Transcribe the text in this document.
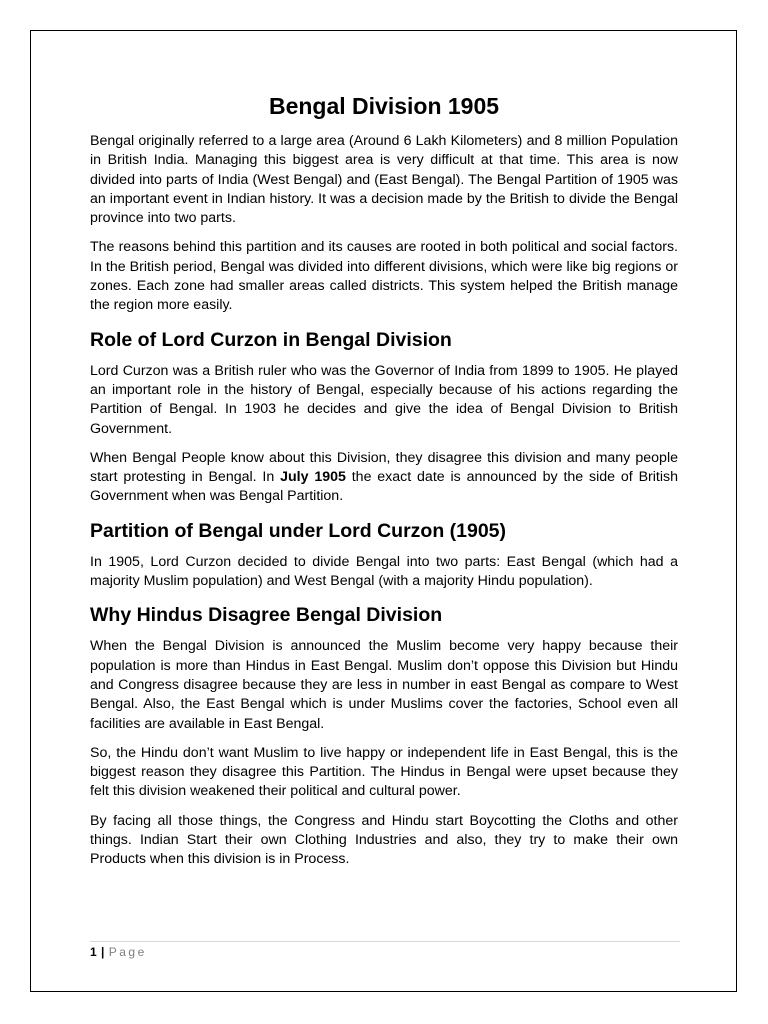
Bengal Division 1905

Bengal originally referred to a large area (Around 6 Lakh Kilometers) and 8 million Population in British India. Managing this biggest area is very difficult at that time. This area is now divided into parts of India (West Bengal) and (East Bengal). The Bengal Partition of 1905 was an important event in Indian history. It was a decision made by the British to divide the Bengal province into two parts.

The reasons behind this partition and its causes are rooted in both political and social factors. In the British period, Bengal was divided into different divisions, which were like big regions or zones. Each zone had smaller areas called districts. This system helped the British manage the region more easily.

Role of Lord Curzon in Bengal Division

Lord Curzon was a British ruler who was the Governor of India from 1899 to 1905. He played an important role in the history of Bengal, especially because of his actions regarding the Partition of Bengal. In 1903 he decides and give the idea of Bengal Division to British Government.

When Bengal People know about this Division, they disagree this division and many people start protesting in Bengal. In July 1905 the exact date is announced by the side of British Government when was Bengal Partition.

Partition of Bengal under Lord Curzon (1905)

In 1905, Lord Curzon decided to divide Bengal into two parts: East Bengal (which had a majority Muslim population) and West Bengal (with a majority Hindu population).

Why Hindus Disagree Bengal Division

When the Bengal Division is announced the Muslim become very happy because their population is more than Hindus in East Bengal. Muslim don’t oppose this Division but Hindu and Congress disagree because they are less in number in east Bengal as compare to West Bengal. Also, the East Bengal which is under Muslims cover the factories, School even all facilities are available in East Bengal.

So, the Hindu don’t want Muslim to live happy or independent life in East Bengal, this is the biggest reason they disagree this Partition. The Hindus in Bengal were upset because they felt this division weakened their political and cultural power.

By facing all those things, the Congress and Hindu start Boycotting the Cloths and other things. Indian Start their own Clothing Industries and also, they try to make their own Products when this division is in Process.

1 | Page
